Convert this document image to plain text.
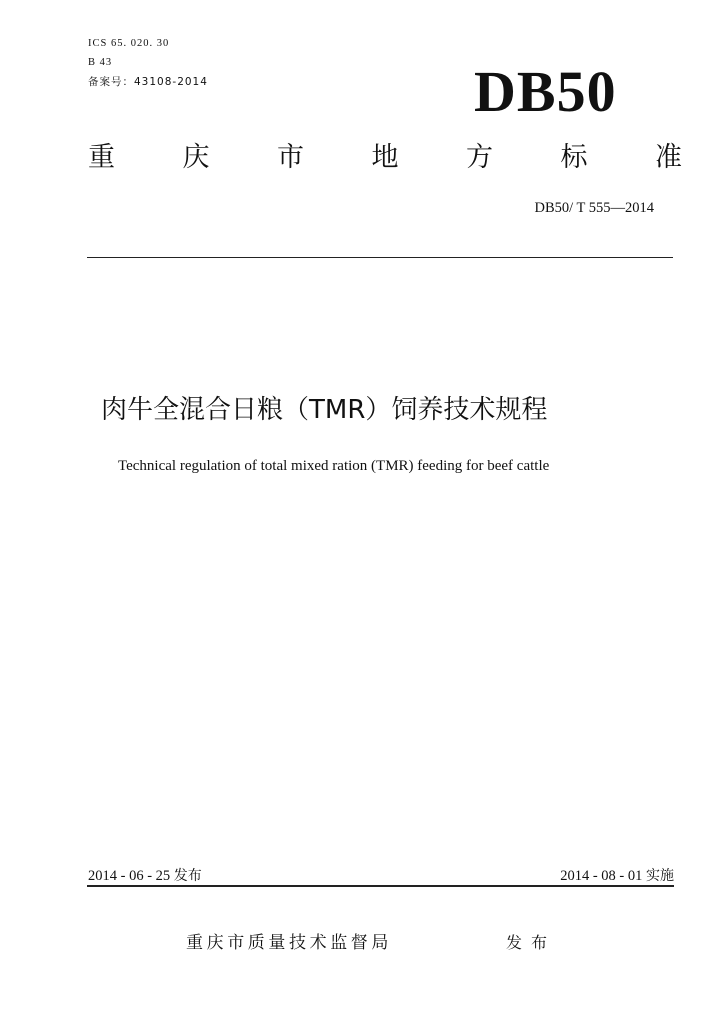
ICS 65. 020. 30
B 43
备案号：43108-2014	DB50
重	庆	市	地	方	标	准
DB50/ T 555—2014
肉牛全混合日粮（TMR）饲养技术规程
Technical regulation of total mixed ration (TMR) feeding for beef cattle
2014 - 06 - 25 发布	2014 - 08 - 01 实施
重庆市质量技术监督局	发布
